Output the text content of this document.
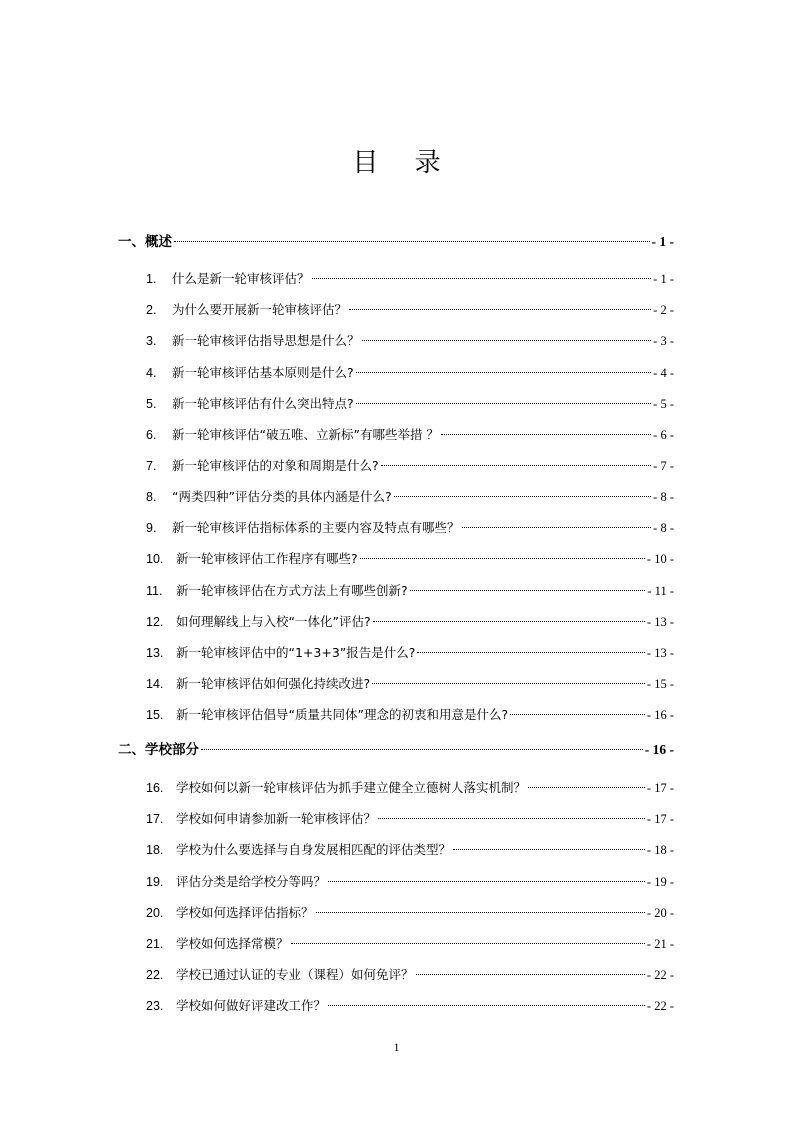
目 录
一、概述	- 1 -
1.	什么是新一轮审核评估？	- 1 -
2.	为什么要开展新一轮审核评估？	- 2 -
3.	新一轮审核评估指导思想是什么？	- 3 -
4.	新一轮审核评估基本原则是什么?	- 4 -
5.	新一轮审核评估有什么突出特点?	- 5 -
6.	新一轮审核评估“破五唯、立新标”有哪些举措 ？	- 6 -
7.	新一轮审核评估的对象和周期是什么?	- 7 -
8.	“两类四种”评估分类的具体内涵是什么?	- 8 -
9.	新一轮审核评估指标体系的主要内容及特点有哪些？	- 8 -
10.	新一轮审核评估工作程序有哪些?	- 10 -
11.	新一轮审核评估在方式方法上有哪些创新?	- 11 -
12.	如何理解线上与入校“一体化”评估?	- 13 -
13.	新一轮审核评估中的“1+3+3”报告是什么?	- 13 -
14.	新一轮审核评估如何强化持续改进?	- 15 -
15.	新一轮审核评估倡导“质量共同体”理念的初衷和用意是什么?	- 16 -
二、学校部分	- 16 -
16.	学校如何以新一轮审核评估为抓手建立健全立德树人落实机制？	- 17 -
17.	学校如何申请参加新一轮审核评估？	- 17 -
18.	学校为什么要选择与自身发展相匹配的评估类型？	- 18 -
19.	评估分类是给学校分等吗？	- 19 -
20.	学校如何选择评估指标？	- 20 -
21.	学校如何选择常模？	- 21 -
22.	学校已通过认证的专业（课程）如何免评？	- 22 -
23.	学校如何做好评建改工作？	- 22 -
1
